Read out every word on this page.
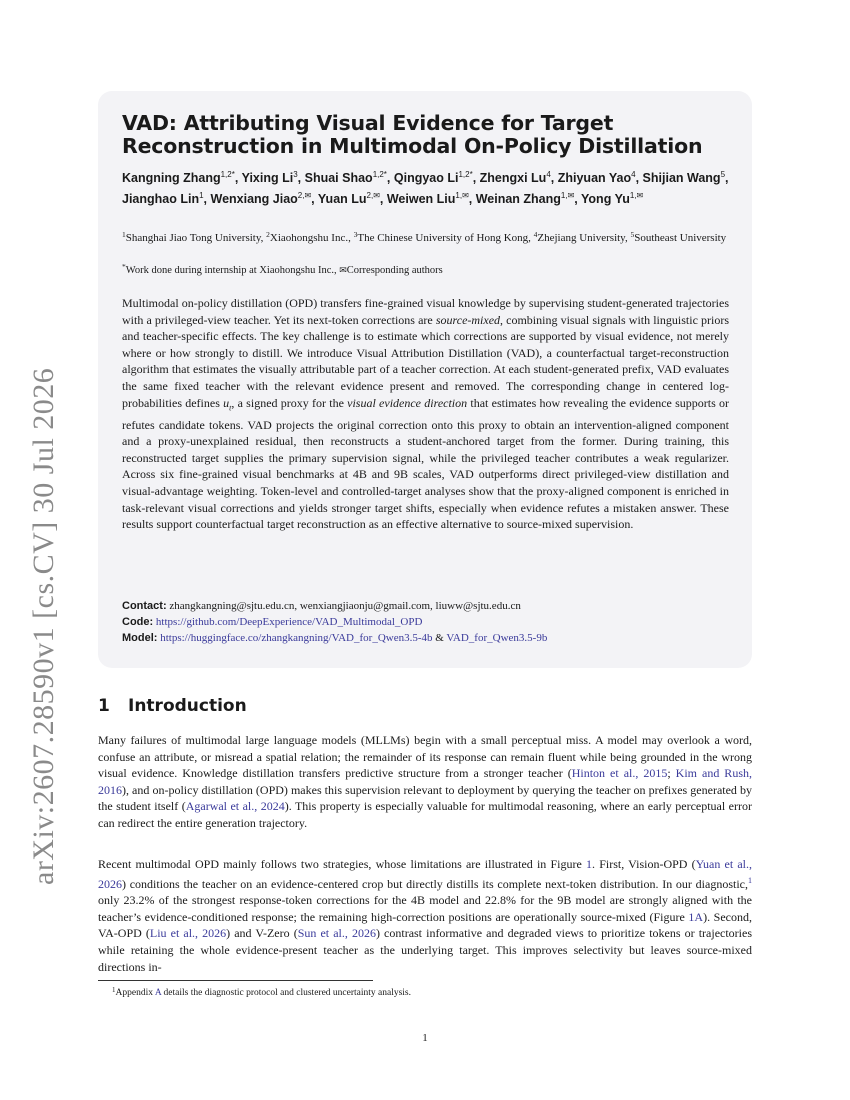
arXiv:2607.28590v1 [cs.CV] 30 Jul 2026
VAD: Attributing Visual Evidence for Target Reconstruction in Multimodal On-Policy Distillation
Kangning Zhang$^{1,2*}$, Yixing Li$^3$, Shuai Shao$^{1,2*}$, Qingyao $Li^{1,2*}$, Zhengxi Lu$^4$, Zhiyuan Yao$^4$, Shijian Wang$^5$, Jianghao Lin$^1$, Wenxiang Jiao$^{2,✉}$, Yuan $Lu^{2,✉}$, Weiwen Liu$^{1,✉}$, Weinan Zhang$^{1,✉}$, Yong $Yu^{1,✉}$
$^1$Shanghai Jiao Tong University, $^2$Xiaohongshu Inc., $^3$The Chinese University of Hong Kong, $^4$Zhejiang University, $^5$Southeast University
*Work done during internship at Xiaohongshu Inc., ✉Corresponding authors

Multimodal on-policy distillation (OPD) transfers fine-grained visual knowledge by supervising student-generated trajectories with a privileged-view teacher. Yet its next-token corrections are source-mixed, combining visual signals with linguistic priors and teacher-specific effects. The key challenge is to estimate which corrections are supported by visual evidence, not merely where or how strongly to distill. We introduce Visual Attribution Distillation (VAD), a counterfactual target-reconstruction algorithm that estimates the visually attributable part of a teacher correction. At each student-generated prefix, VAD evaluates the same fixed teacher with the relevant evidence present and removed. The corresponding change in centered log-probabilities defines $u_t$, a signed proxy for the visual evidence direction that estimates how revealing the evidence supports or refutes candidate tokens. VAD projects the original correction onto this proxy to obtain an intervention-aligned component and a proxy-unexplained residual, then reconstructs a student-anchored target from the former. During training, this reconstructed target supplies the primary supervision signal, while the privileged teacher contributes a weak regularizer. Across six fine-grained visual benchmarks at 4B and 9B scales, VAD outperforms direct privileged-view distillation and visual-advantage weighting. Token-level and controlled-target analyses show that the proxy-aligned component is enriched in task-relevant visual corrections and yields stronger target shifts, especially when evidence refutes a mistaken answer. These results support counterfactual target reconstruction as an effective alternative to source-mixed supervision.

Contact: zhangkangning@sjtu.edu.cn, wenxiangjiaonju@gmail.com, liuww@sjtu.edu.cn
Code: https://github.com/DeepExperience/VAD_Multimodal_OPD
Model: https://huggingface.co/zhangkangning/VAD_for_Qwen3.5-4b & VAD_for_Qwen3.5-9b
1 Introduction

Many failures of multimodal large language models (MLLMs) begin with a small perceptual miss. A model may overlook a word, confuse an attribute, or misread a spatial relation; the remainder of its response can remain fluent while being grounded in the wrong visual evidence. Knowledge distillation transfers predictive structure from a stronger teacher (Hinton et al., 2015; Kim and Rush, 2016), and on-policy distillation (OPD) makes this supervision relevant to deployment by querying the teacher on prefixes generated by the student itself (Agarwal et al., 2024). This property is especially valuable for multimodal reasoning, where an early perceptual error can redirect the entire generation trajectory.

Recent multimodal OPD mainly follows two strategies, whose limitations are illustrated in Figure 1. First, Vision-OPD (Yuan et al., 2026) conditions the teacher on an evidence-centered crop but directly distills its complete next-token distribution. In our diagnostic,$^1$ only 23.2% of the strongest response-token corrections for the 4B model and 22.8% for the 9B model are strongly aligned with the teacher’s evidence-conditioned response; the remaining high-correction positions are operationally source-mixed (Figure 1A). Second, VA-OPD (Liu et al., 2026) and V-Zero (Sun et al., 2026) contrast informative and degraded views to prioritize tokens or trajectories while retaining the whole evidence-present teacher as the underlying target. This improves selectivity but leaves source-mixed directions in-

$^1$Appendix A details the diagnostic protocol and clustered uncertainty analysis.
1
